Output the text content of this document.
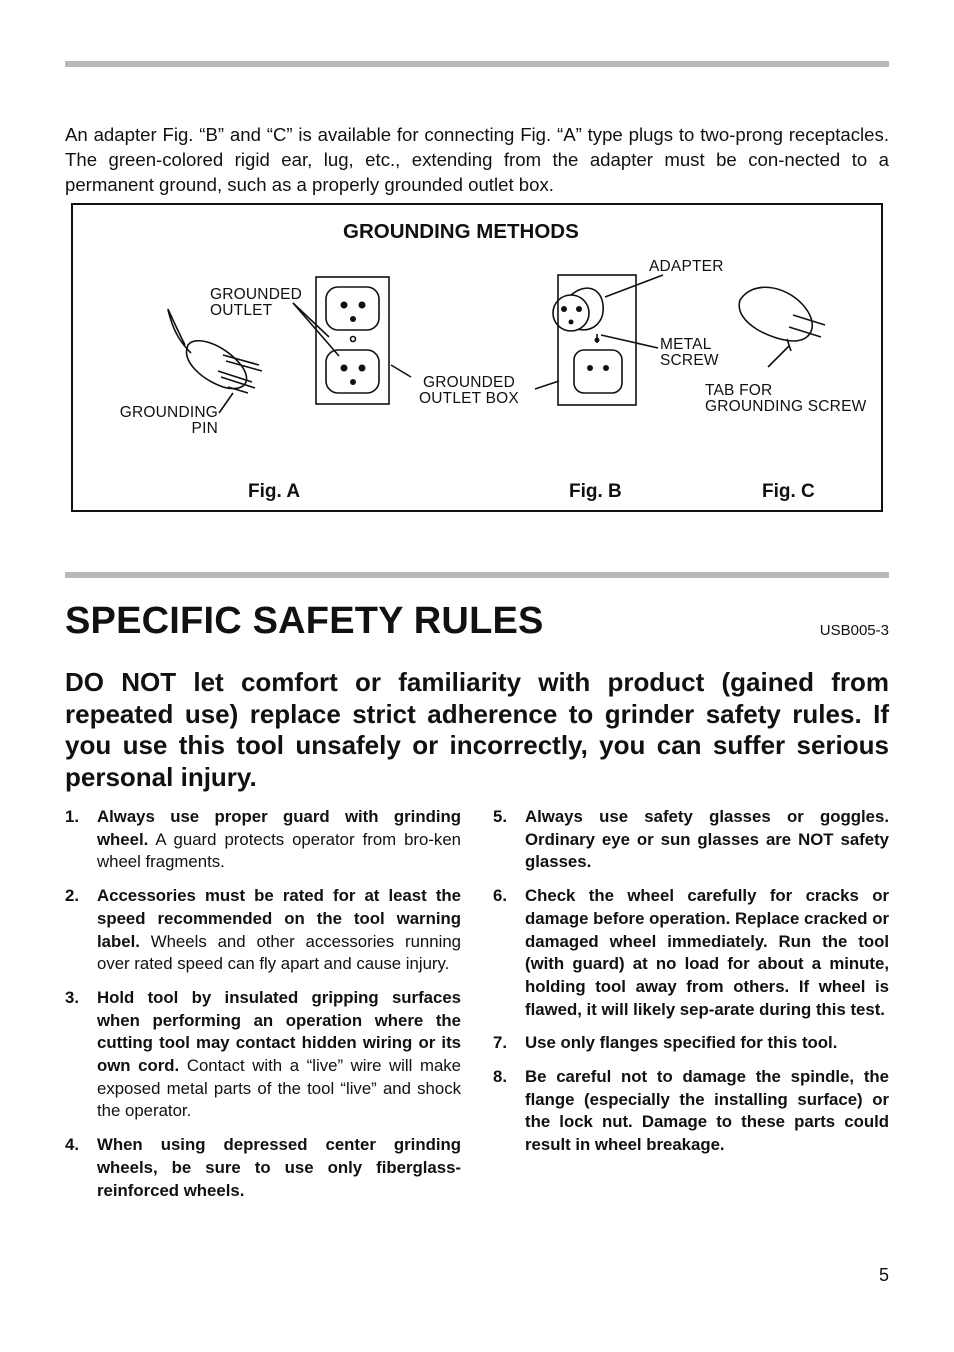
An adapter Fig. “B” and “C” is available for connecting Fig. “A” type plugs to two-prong receptacles. The green-colored rigid ear, lug, etc., extending from the adapter must be con-nected to a permanent ground, such as a properly grounded outlet box.

GROUNDING METHODS
GROUNDED
OUTLET
GROUNDING
PIN
GROUNDED
OUTLET BOX
ADAPTER
METAL
SCREW
TAB FOR
GROUNDING SCREW
Fig. A	Fig. B	Fig. C
SPECIFIC SAFETY RULES	USB005-3

DO NOT let comfort or familiarity with product (gained from repeated use) replace strict adherence to grinder safety rules. If you use this tool unsafely or incorrectly, you can suffer serious personal injury.

1. Always use proper guard with grinding wheel. A guard protects operator from bro-ken wheel fragments.
2. Accessories must be rated for at least the speed recommended on the tool warning label. Wheels and other accessories running over rated speed can fly apart and cause injury.
3. Hold tool by insulated gripping surfaces when performing an operation where the cutting tool may contact hidden wiring or its own cord. Contact with a “live” wire will make exposed metal parts of the tool “live” and shock the operator.
4. When using depressed center grinding wheels, be sure to use only fiberglass-reinforced wheels.
5. Always use safety glasses or goggles. Ordinary eye or sun glasses are NOT safety glasses.
6. Check the wheel carefully for cracks or damage before operation. Replace cracked or damaged wheel immediately. Run the tool (with guard) at no load for about a minute, holding tool away from others. If wheel is flawed, it will likely sep-arate during this test.
7. Use only flanges specified for this tool.
8. Be careful not to damage the spindle, the flange (especially the installing surface) or the lock nut. Damage to these parts could result in wheel breakage.
5
